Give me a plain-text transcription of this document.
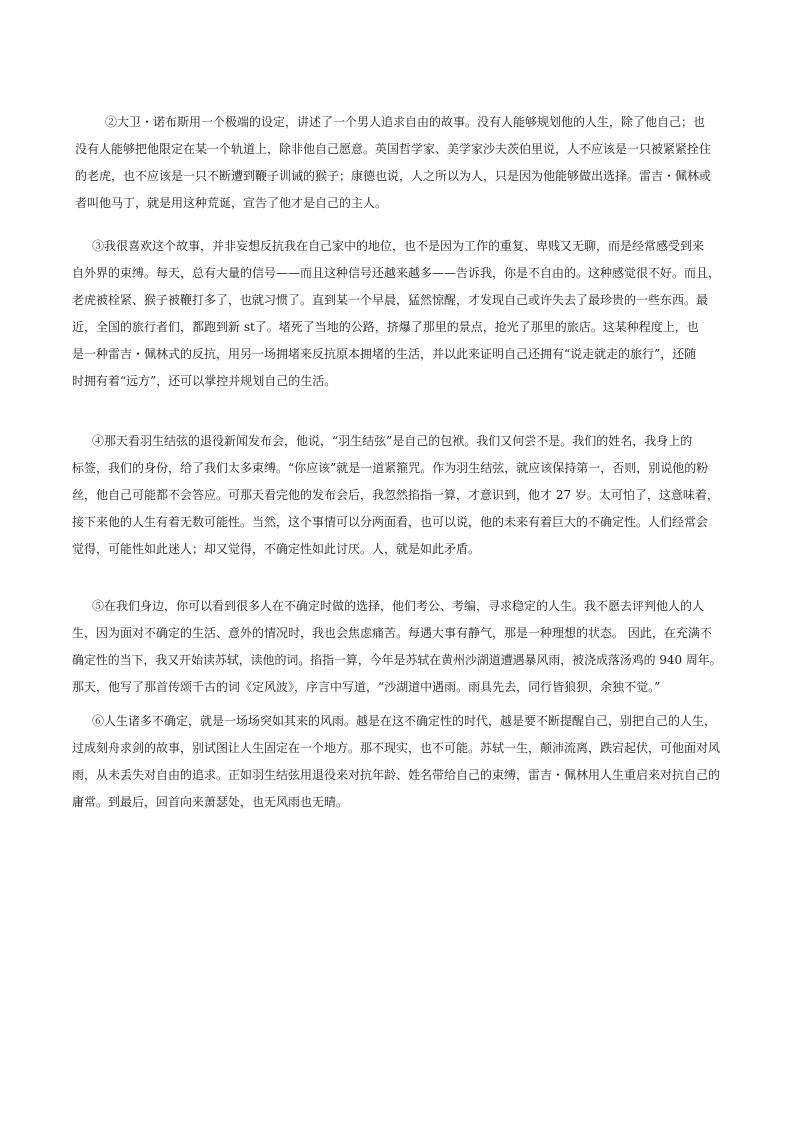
②大卫・诺布斯用一个极端的设定，讲述了一个男人追求自由的故事。没有人能够规划他的人生，除了他自己；也
没有人能够把他限定在某一个轨道上，除非他自己愿意。英国哲学家、美学家沙夫茨伯里说，人不应该是一只被紧紧拴住
的老虎，也不应该是一只不断遭到鞭子训诫的猴子；康德也说，人之所以为人，只是因为他能够做出选择。雷吉・佩林或
者叫他马丁，就是用这种荒诞，宣告了他才是自己的主人。
③我很喜欢这个故事，并非妄想反抗我在自己家中的地位，也不是因为工作的重复、卑贱又无聊，而是经常感受到来
自外界的束缚。每天，总有大量的信号——而且这种信号还越来越多——告诉我，你是不自由的。这种感觉很不好。而且，
老虎被栓紧、猴子被鞭打多了，也就习惯了。直到某一个早晨，猛然惊醒，才发现自己或许失去了最珍贵的一些东西。最
近，全国的旅行者们，都跑到新 st了。堵死了当地的公路，挤爆了那里的景点，抢光了那里的旅店。这某种程度上，也
是一种雷吉・佩林式的反抗，用另一场拥堵来反抗原本拥堵的生活，并以此来证明自己还拥有“说走就走的旅行”，还随
时拥有着“远方”，还可以掌控并规划自己的生活。
④那天看羽生结弦的退役新闻发布会，他说，“羽生结弦”是自己的包袱。我们又何尝不是。我们的姓名，我身上的
标签，我们的身份，给了我们太多束缚。“你应该”就是一道紧箍咒。作为羽生结弦，就应该保持第一，否则，别说他的粉
丝，他自己可能都不会答应。可那天看完他的发布会后，我忽然掐指一算，才意识到，他才 27 岁。太可怕了，这意味着，
接下来他的人生有着无数可能性。当然，这个事情可以分两面看，也可以说，他的未来有着巨大的不确定性。人们经常会
觉得，可能性如此迷人；却又觉得，不确定性如此讨厌。人，就是如此矛盾。
⑤在我们身边，你可以看到很多人在不确定时做的选择，他们考公、考编，寻求稳定的人生。我不愿去评判他人的人
生，因为面对不确定的生活、意外的情况时，我也会焦虑痛苦。每遇大事有静气，那是一种理想的状态。 因此，在充满不
确定性的当下，我又开始读苏轼，读他的词。掐指一算，今年是苏轼在黄州沙湖道遭遇暴风雨，被浇成落汤鸡的 940 周年。
那天，他写了那首传颂千古的词《定风波》，序言中写道，“沙湖道中遇雨。雨具先去，同行皆狼狈，余独不觉。”
⑥人生诸多不确定，就是一场场突如其来的风雨。越是在这不确定性的时代，越是要不断提醒自己，别把自己的人生，
过成刻舟求剑的故事，别试图让人生固定在一个地方。那不现实，也不可能。苏轼一生，颠沛流离，跌宕起伏，可他面对风
雨，从未丢失对自由的追求。正如羽生结弦用退役来对抗年龄、姓名带给自己的束缚，雷吉・佩林用人生重启来对抗自己的
庸常。到最后，回首向来萧瑟处，也无风雨也无晴。
